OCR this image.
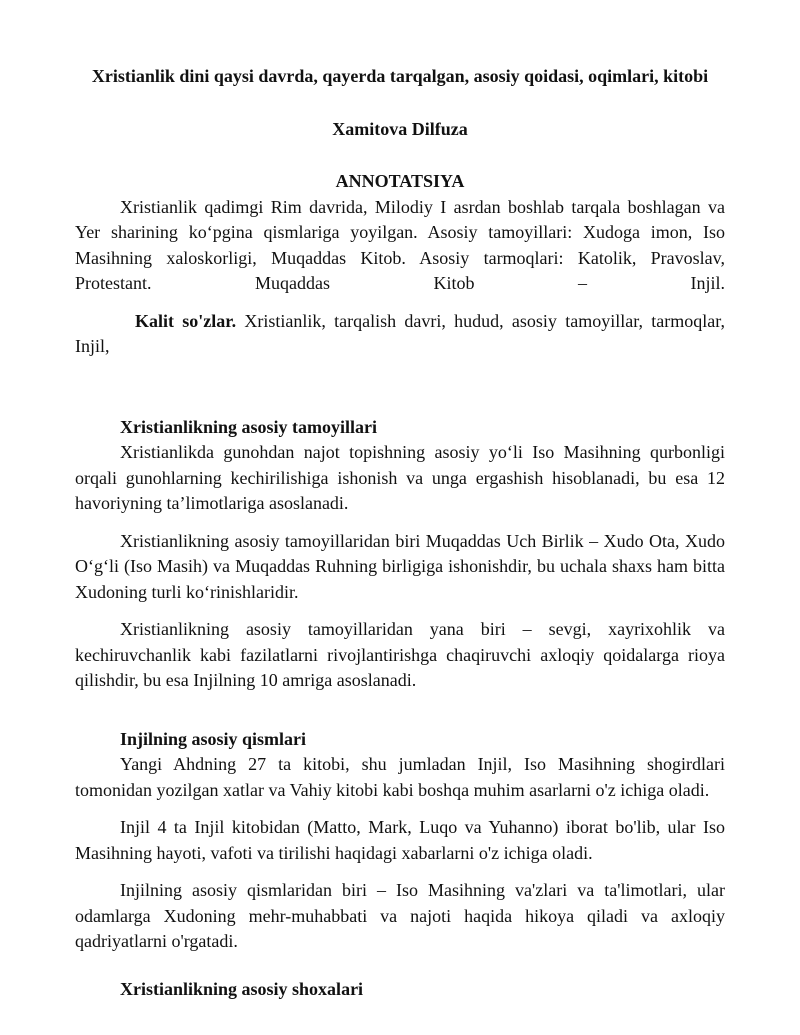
Xristianlik dini qaysi davrda, qayerda tarqalgan, asosiy qoidasi, oqimlari, kitobi

Xamitova Dilfuza

ANNOTATSIYA

Xristianlik qadimgi Rim davrida, Milodiy I asrdan boshlab tarqala boshlagan va Yer sharining ko‘pgina qismlariga yoyilgan. Asosiy tamoyillari: Xudoga imon, Iso Masihning xaloskorligi, Muqaddas Kitob. Asosiy tarmoqlari: Katolik, Pravoslav, Protestant. Muqaddas Kitob – Injil.

Kalit so'zlar. Xristianlik, tarqalish davri, hudud, asosiy tamoyillar, tarmoqlar, Injil,

Xristianlikning asosiy tamoyillari

Xristianlikda gunohdan najot topishning asosiy yo‘li Iso Masihning qurbonligi orqali gunohlarning kechirilishiga ishonish va unga ergashish hisoblanadi, bu esa 12 havoriyning ta’limotlariga asoslanadi.

Xristianlikning asosiy tamoyillaridan biri Muqaddas Uch Birlik – Xudo Ota, Xudo O‘g‘li (Iso Masih) va Muqaddas Ruhning birligiga ishonishdir, bu uchala shaxs ham bitta Xudoning turli ko‘rinishlaridir.

Xristianlikning asosiy tamoyillaridan yana biri – sevgi, xayrixohlik va kechiruvchanlik kabi fazilatlarni rivojlantirishga chaqiruvchi axloqiy qoidalarga rioya qilishdir, bu esa Injilning 10 amriga asoslanadi.

Injilning asosiy qismlari

Yangi Ahdning 27 ta kitobi, shu jumladan Injil, Iso Masihning shogirdlari tomonidan yozilgan xatlar va Vahiy kitobi kabi boshqa muhim asarlarni o'z ichiga oladi.

Injil 4 ta Injil kitobidan (Matto, Mark, Luqo va Yuhanno) iborat bo'lib, ular Iso Masihning hayoti, vafoti va tirilishi haqidagi xabarlarni o'z ichiga oladi.

Injilning asosiy qismlaridan biri – Iso Masihning va'zlari va ta'limotlari, ular odamlarga Xudoning mehr-muhabbati va najoti haqida hikoya qiladi va axloqiy qadriyatlarni o'rgatadi.

Xristianlikning asosiy shoxalari
